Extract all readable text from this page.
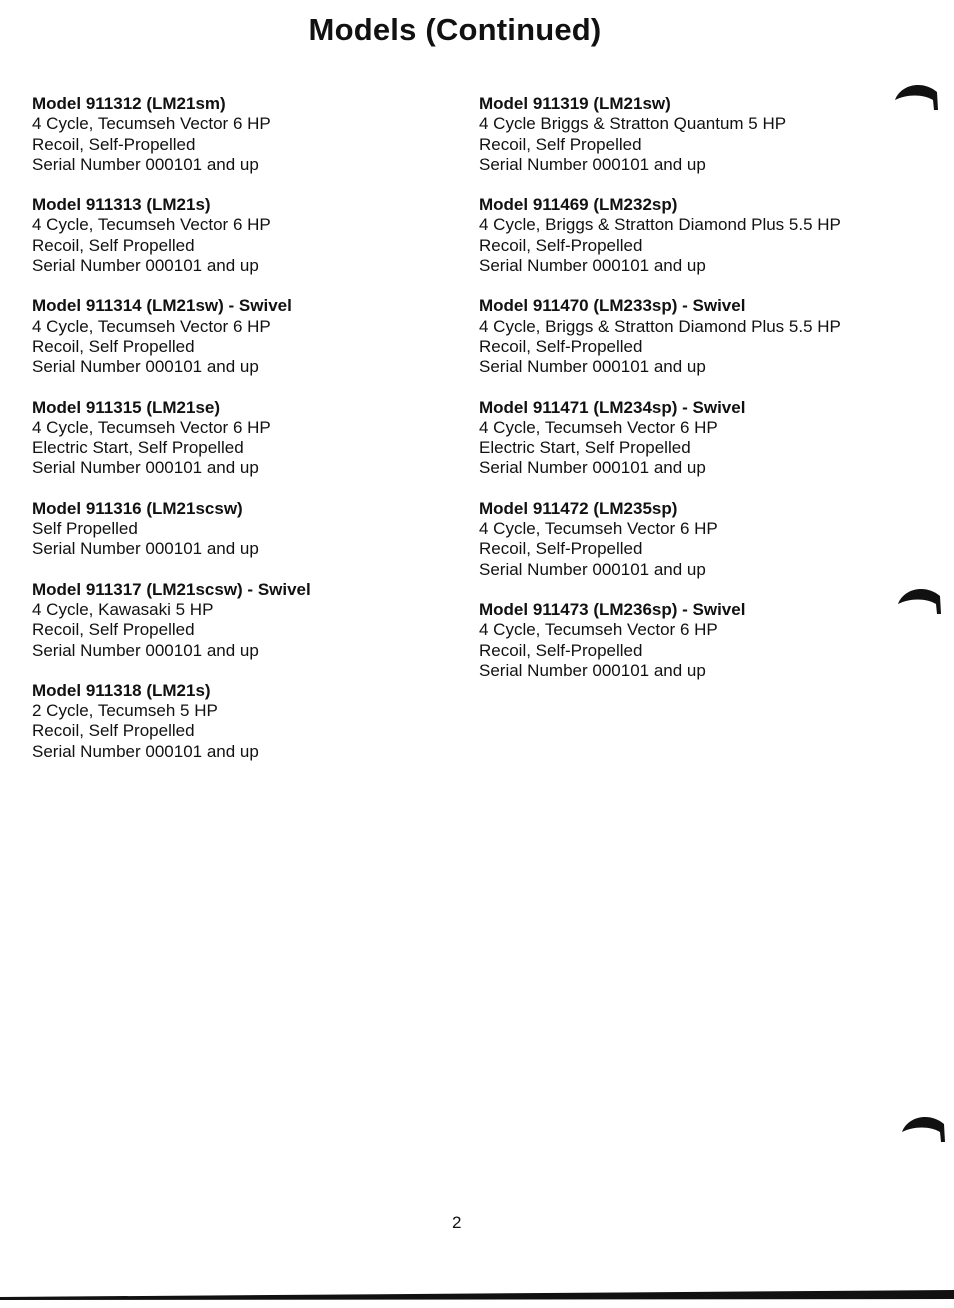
Models (Continued)
Model 911312 (LM21sm)
4 Cycle, Tecumseh Vector 6 HP
Recoil, Self-Propelled
Serial Number 000101 and up
Model 911313 (LM21s)
4 Cycle, Tecumseh Vector 6 HP
Recoil, Self Propelled
Serial Number 000101 and up
Model 911314 (LM21sw) - Swivel
4 Cycle, Tecumseh Vector 6 HP
Recoil, Self Propelled
Serial Number 000101 and up
Model 911315 (LM21se)
4 Cycle, Tecumseh Vector 6 HP
Electric Start, Self Propelled
Serial Number 000101 and up
Model 911316 (LM21scsw)
Self Propelled
Serial Number 000101 and up
Model 911317 (LM21scsw) - Swivel
4 Cycle, Kawasaki 5 HP
Recoil, Self Propelled
Serial Number 000101 and up
Model 911318 (LM21s)
2 Cycle, Tecumseh 5 HP
Recoil, Self Propelled
Serial Number 000101 and up
Model 911319 (LM21sw)
4 Cycle Briggs & Stratton Quantum 5 HP
Recoil, Self Propelled
Serial Number 000101 and up
Model 911469 (LM232sp)
4 Cycle, Briggs & Stratton Diamond Plus 5.5 HP
Recoil, Self-Propelled
Serial Number 000101 and up
Model 911470 (LM233sp) - Swivel
4 Cycle, Briggs & Stratton Diamond Plus 5.5 HP
Recoil, Self-Propelled
Serial Number 000101 and up
Model 911471 (LM234sp) - Swivel
4 Cycle, Tecumseh Vector 6 HP
Electric Start, Self Propelled
Serial Number 000101 and up
Model 911472 (LM235sp)
4 Cycle, Tecumseh Vector 6 HP
Recoil, Self-Propelled
Serial Number 000101 and up
Model 911473 (LM236sp) - Swivel
4 Cycle, Tecumseh Vector 6 HP
Recoil, Self-Propelled
Serial Number 000101 and up
2
